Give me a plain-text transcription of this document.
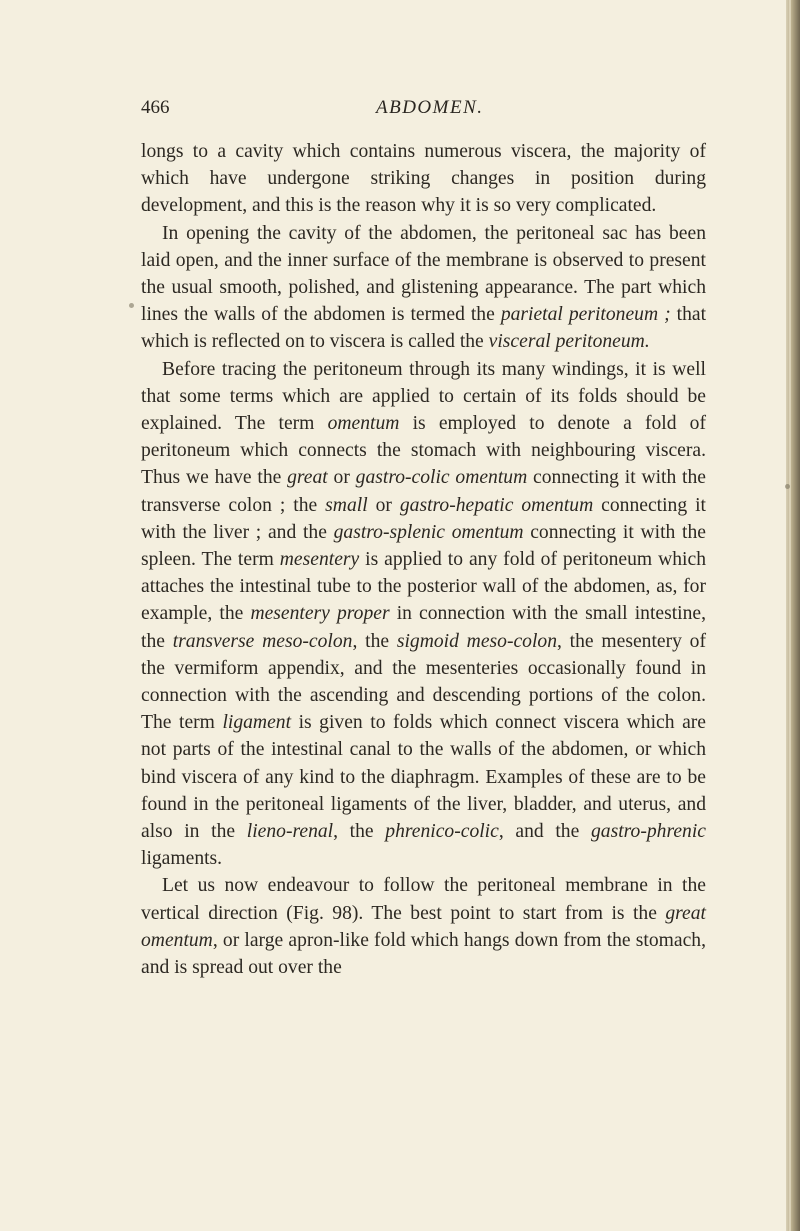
466	ABDOMEN.

longs to a cavity which contains numerous viscera, the majority of which have undergone striking changes in position during development, and this is the reason why it is so very complicated.

In opening the cavity of the abdomen, the peritoneal sac has been laid open, and the inner surface of the membrane is observed to present the usual smooth, polished, and glistening appearance. The part which lines the walls of the abdomen is termed the parietal peritoneum ; that which is reflected on to viscera is called the visceral peritoneum.

Before tracing the peritoneum through its many windings, it is well that some terms which are applied to certain of its folds should be explained. The term omentum is employed to denote a fold of peritoneum which connects the stomach with neighbouring viscera. Thus we have the great or gastro-colic omentum connecting it with the transverse colon ; the small or gastro-hepatic omentum connecting it with the liver ; and the gastro-splenic omentum connecting it with the spleen. The term mesentery is applied to any fold of peritoneum which attaches the intestinal tube to the posterior wall of the abdomen, as, for example, the mesentery proper in connection with the small intestine, the transverse meso-colon, the sigmoid meso-colon, the mesentery of the vermiform appendix, and the mesenteries occasionally found in connection with the ascending and descending portions of the colon. The term ligament is given to folds which connect viscera which are not parts of the intestinal canal to the walls of the abdomen, or which bind viscera of any kind to the diaphragm. Examples of these are to be found in the peritoneal ligaments of the liver, bladder, and uterus, and also in the lieno-renal, the phrenico-colic, and the gastro-phrenic ligaments.

Let us now endeavour to follow the peritoneal membrane in the vertical direction (Fig. 98). The best point to start from is the great omentum, or large apron-like fold which hangs down from the stomach, and is spread out over the
